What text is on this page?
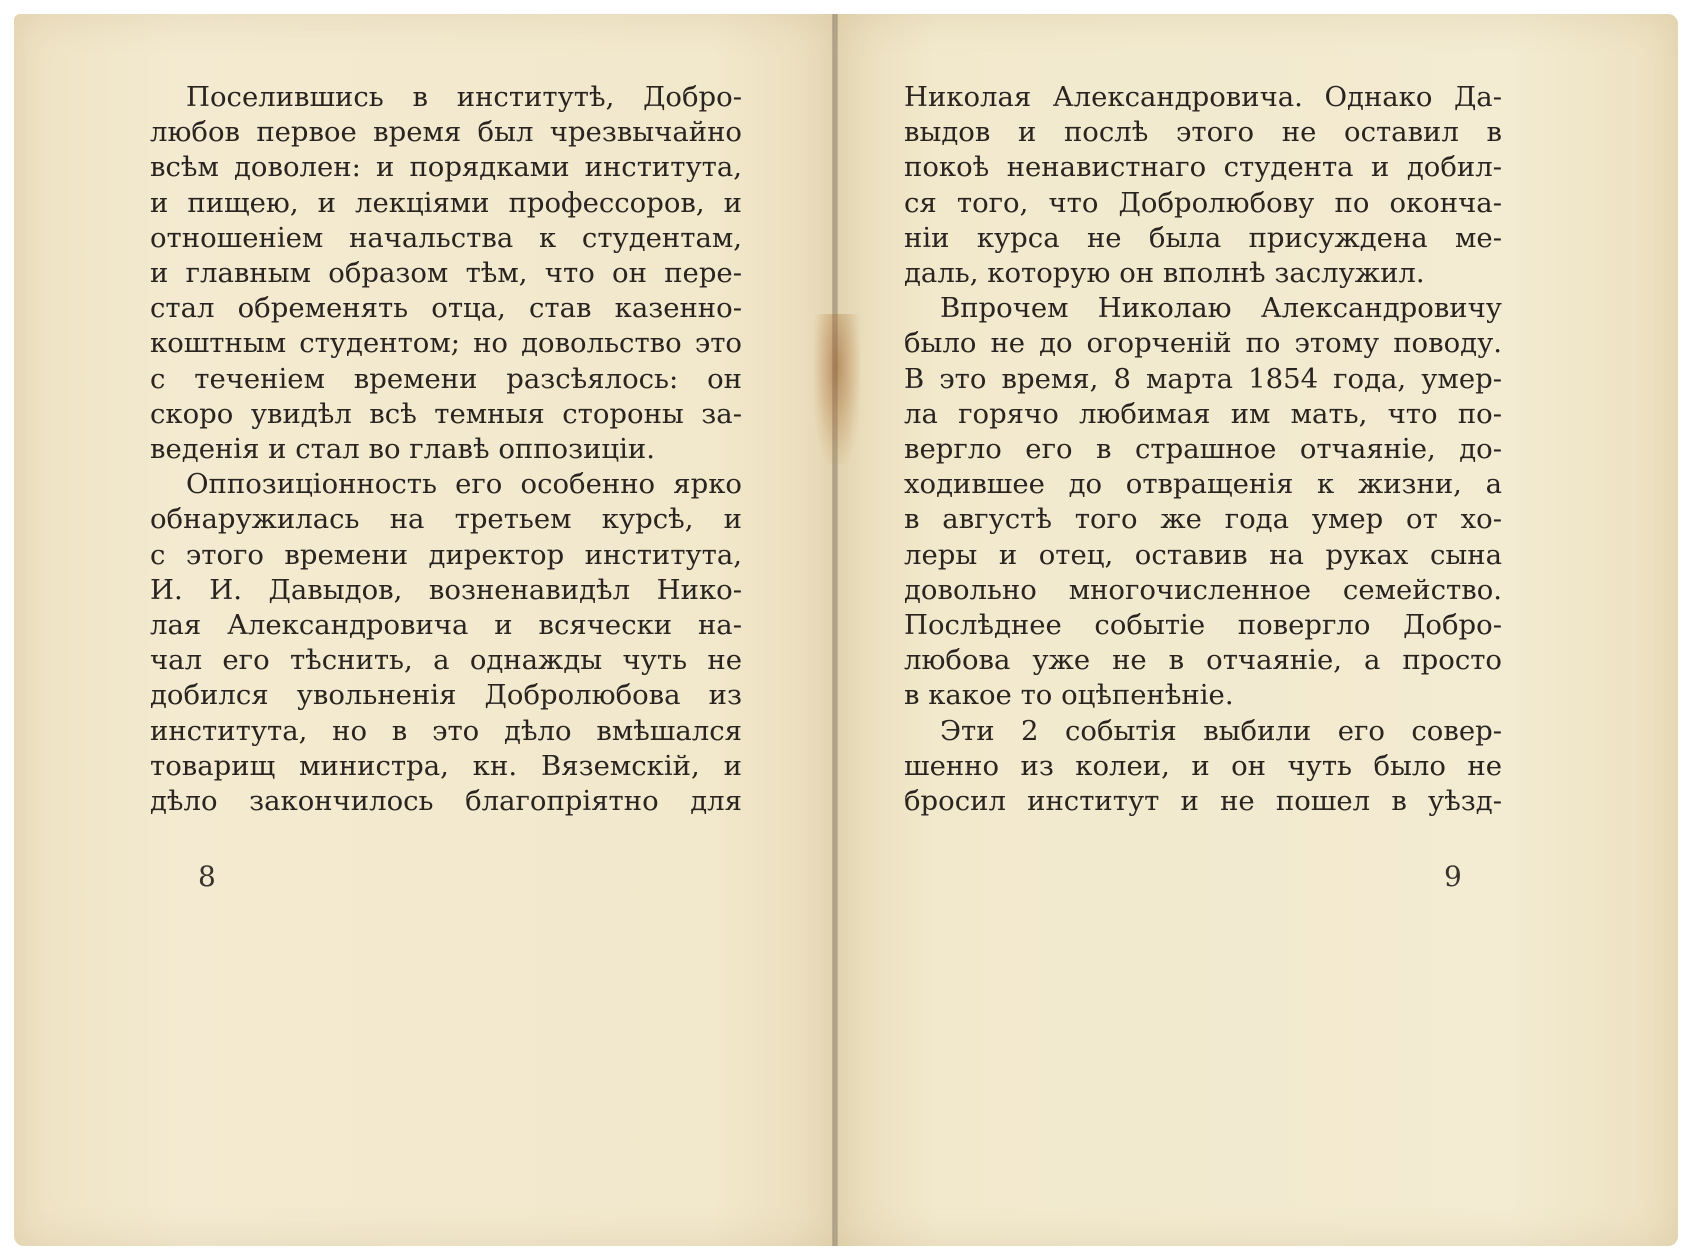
Поселившись в институтѣ, Добро-
любов первое время был чрезвычайно
всѣм доволен: и порядками института,
и пищею, и лекціями профессоров, и
отношеніем начальства к студентам,
и главным образом тѣм, что он пере-
стал обременять отца, став казенно-
коштным студентом; но довольство это
с теченіем времени разсѣялось: он
скоро увидѣл всѣ темныя стороны за-
веденія и стал во главѣ оппозиціи.
Оппозиціонность его особенно ярко
обнаружилась на третьем курсѣ, и
с этого времени директор института,
И. И. Давыдов, возненавидѣл Нико-
лая Александровича и всячески на-
чал его тѣснить, а однажды чуть не
добился увольненія Добролюбова из
института, но в это дѣло вмѣшался
товарищ министра, кн. Вяземскій, и
дѣло закончилось благопріятно для
8
Николая Александровича. Однако Да-
выдов и послѣ этого не оставил в
покоѣ ненавистнаго студента и добил-
ся того, что Добролюбову по оконча-
ніи курса не была присуждена ме-
даль, которую он вполнѣ заслужил.
Впрочем Николаю Александровичу
было не до огорченій по этому поводу.
В это время, 8 марта 1854 года, умер-
ла горячо любимая им мать, что по-
вергло его в страшное отчаяніе, до-
ходившее до отвращенія к жизни, а
в августѣ того же года умер от хо-
леры и отец, оставив на руках сына
довольно многочисленное семейство.
Послѣднее событіе повергло Добро-
любова уже не в отчаяніе, а просто
в какое то оцѣпенѣніе.
Эти 2 событія выбили его совер-
шенно из колеи, и он чуть было не
бросил институт и не пошел в уѣзд-
9
